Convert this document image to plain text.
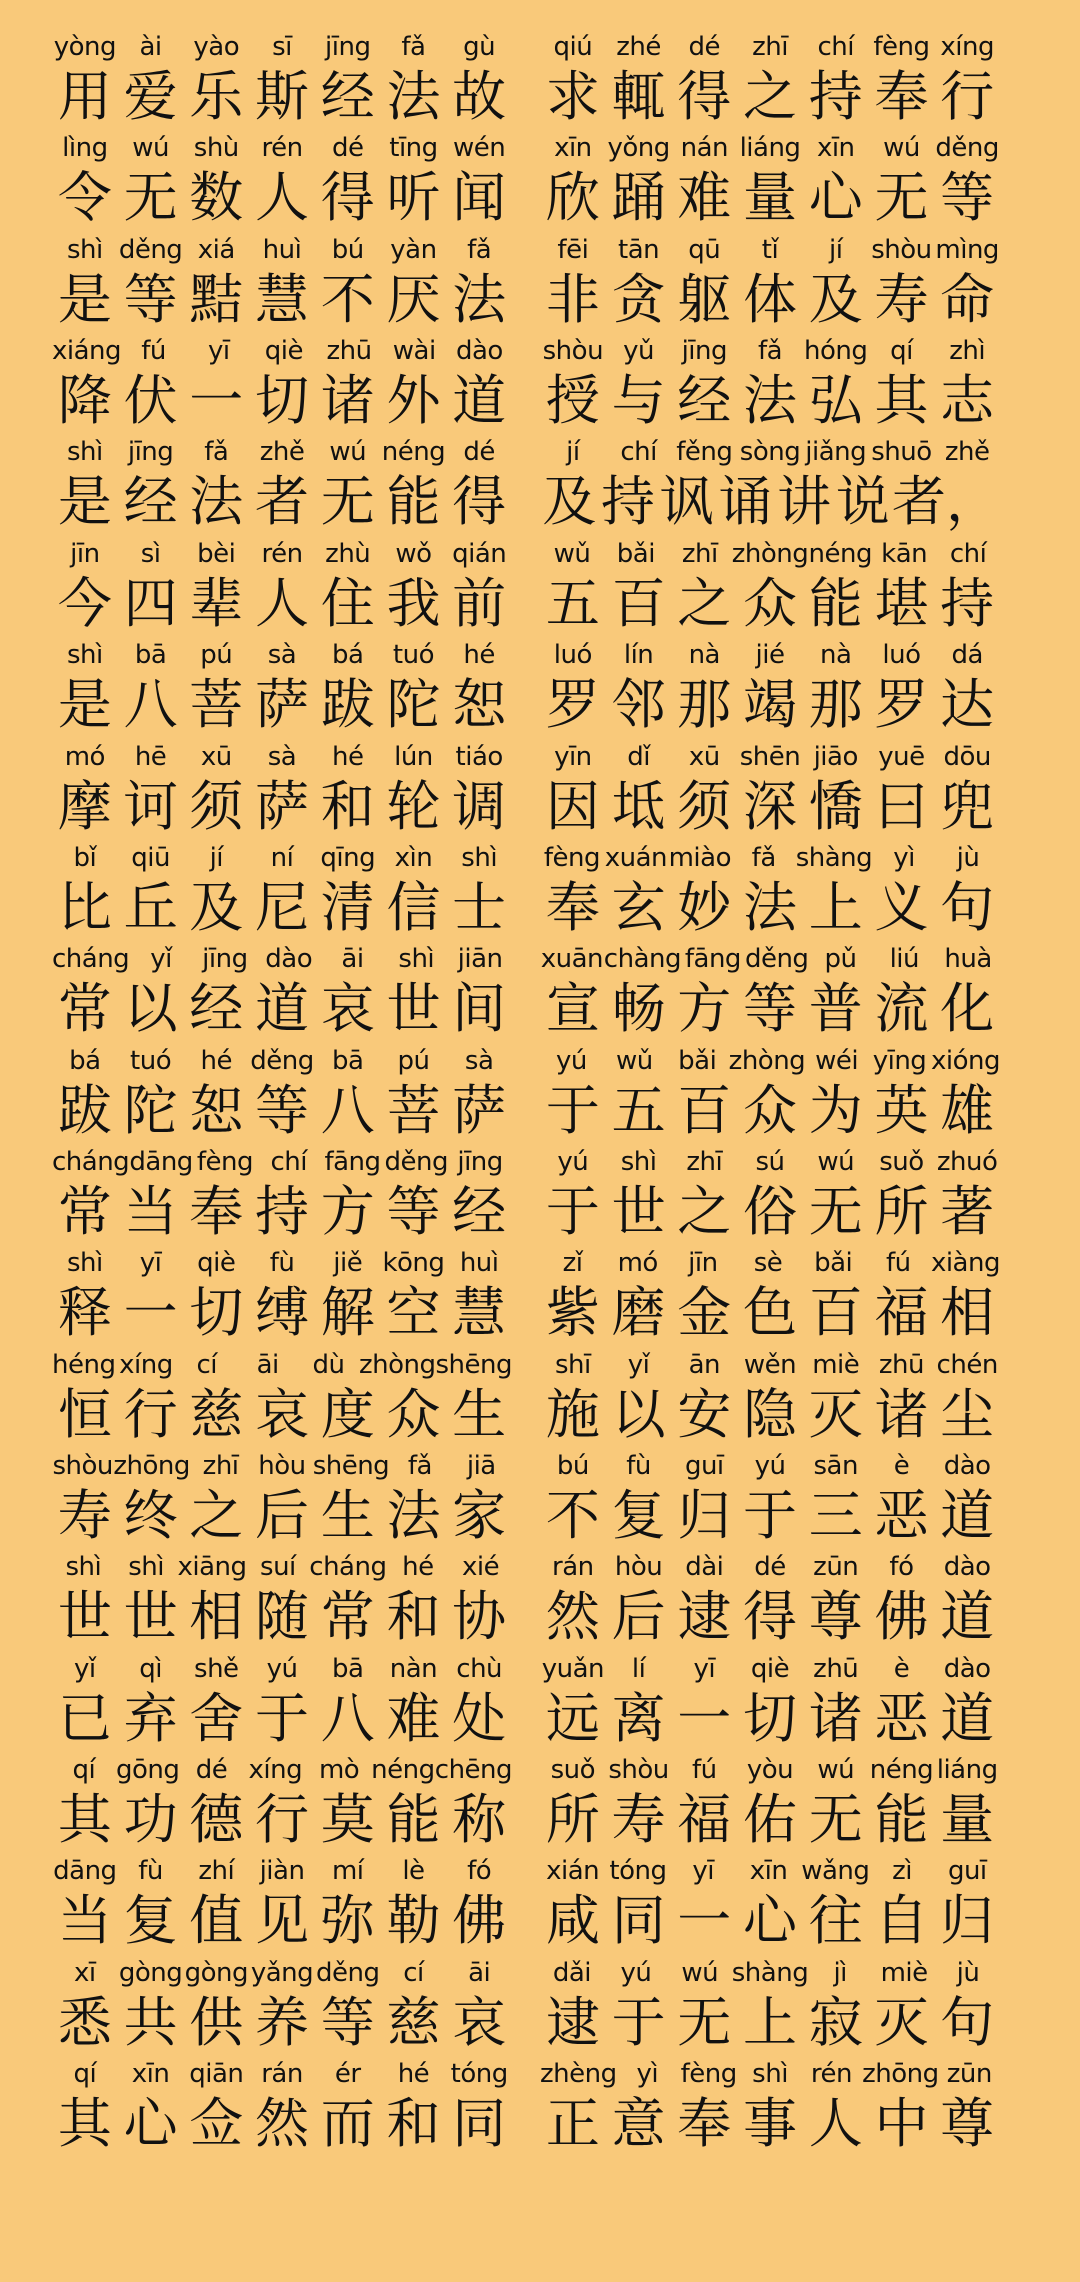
yòng ài	yào	sī	jīng	fǎ	gù
用 爱 乐 斯 经 法 故
qiú zhé	dé	zhī	chí fèng xíng
求 輒 得 之 持 奉 行
lìng wú shù rén	dé tīng wén
令 无 数 人 得 听 闻
xīn yǒng nán liáng xīn	wú děng
欣 踊 难 量 心 无 等
shì děng xiá	huì	bú	yàn	fǎ
是 等 黠 慧 不 厌 法
fēi	tān	qū	tǐ	jí	shòu mìng
非 贪 躯 体 及 寿 命
xiáng fú	yī	qiè zhū wài dào
降 伏 一 切 诸 外 道
shòu yǔ	jīng	fǎ hóng qí	zhì
授 与 经 法 弘 其 志
shì jīng	fǎ	zhě wú néng dé
是 经 法 者 无 能 得
jí	chí fěng sòng jiǎng shuō zhě
及 持 讽 诵 讲 说 者，
jīn	sì	bèi	rén zhù wǒ qián
今 四 辈 人 住 我 前
wǔ	bǎi	zhī zhòng néng kān chí
五 百 之 众 能 堪 持
shì	bā	pú	sà	bá	tuó	hé
是 八 菩 萨 跋 陀 恕
luó	lín	nà	jié	nà	luó	dá
罗 邻 那 竭 那 罗 达
mó	hē	xū	sà	hé	lún tiáo
摩 诃 须 萨 和 轮 调
yīn	dǐ	xū shēn jiāo yuē dōu
因 坻 须 深 憍 曰 兜
bǐ	qiū	jí	ní	qīng xìn	shì
比 丘 及 尼 清 信 士
fèng xuán miào fǎ shàng yì	jù
奉 玄 妙 法 上 义 句
cháng yǐ	jīng dào	āi	shì jiān
常 以 经 道 哀 世 间
xuān chàng fāng děng pǔ	liú huà
宣 畅 方 等 普 流 化
bá	tuó	hé děng bā	pú	sà
跋 陀 恕 等 八 菩 萨
yú	wǔ bǎi zhòng wéi yīng xióng
于 五 百 众 为 英 雄
cháng dāng fèng chí fāng děng jīng
常 当 奉 持 方 等 经
yú	shì	zhī	sú	wú suǒ zhuó
于 世 之 俗 无 所 著
shì	yī	qiè	fù	jiě kōng huì
释 一 切 缚 解 空 慧
zǐ	mó	jīn	sè	bǎi	fú xiàng
紫 磨 金 色 百 福 相
héng xíng cí	āi	dù zhòng shēng
恒 行 慈 哀 度 众 生
shī	yǐ	ān wěn miè zhū chén
施 以 安 隐 灭 诸 尘
shòu zhōng zhī hòu shēng fǎ	jiā
寿 终 之 后 生 法 家
bú	fù	guī	yú	sān	è	dào
不 复 归 于 三 恶 道
shì	shì xiāng suí cháng hé	xié
世 世 相 随 常 和 协
rán hòu dài	dé	zūn	fó	dào
然 后 逮 得 尊 佛 道
yǐ	qì	shě	yú	bā	nàn chù
已 弃 舍 于 八 难 处
yuǎn	lí	yī	qiè zhū	è	dào
远 离 一 切 诸 恶 道
qí gōng dé xíng mò néng chēng
其 功 德 行 莫 能 称
suǒ shòu fú	yòu wú néng liáng
所 寿 福 佑 无 能 量
dāng fù	zhí jiàn	mí	lè	fó
当 复 值 见 弥 勒 佛
xián tóng yī	xīn wǎng zì	guī
咸 同 一 心 往 自 归
xī gòng gòng yǎng děng cí	āi
悉 共 供 养 等 慈 哀
dǎi	yú	wú shàng jì	miè	jù
逮 于 无 上 寂 灭 句
qí	xīn qiān rán	ér	hé tóng
其 心 佥 然 而 和 同
zhèng yì fèng shì rén zhōng zūn
正 意 奉 事 人 中 尊
